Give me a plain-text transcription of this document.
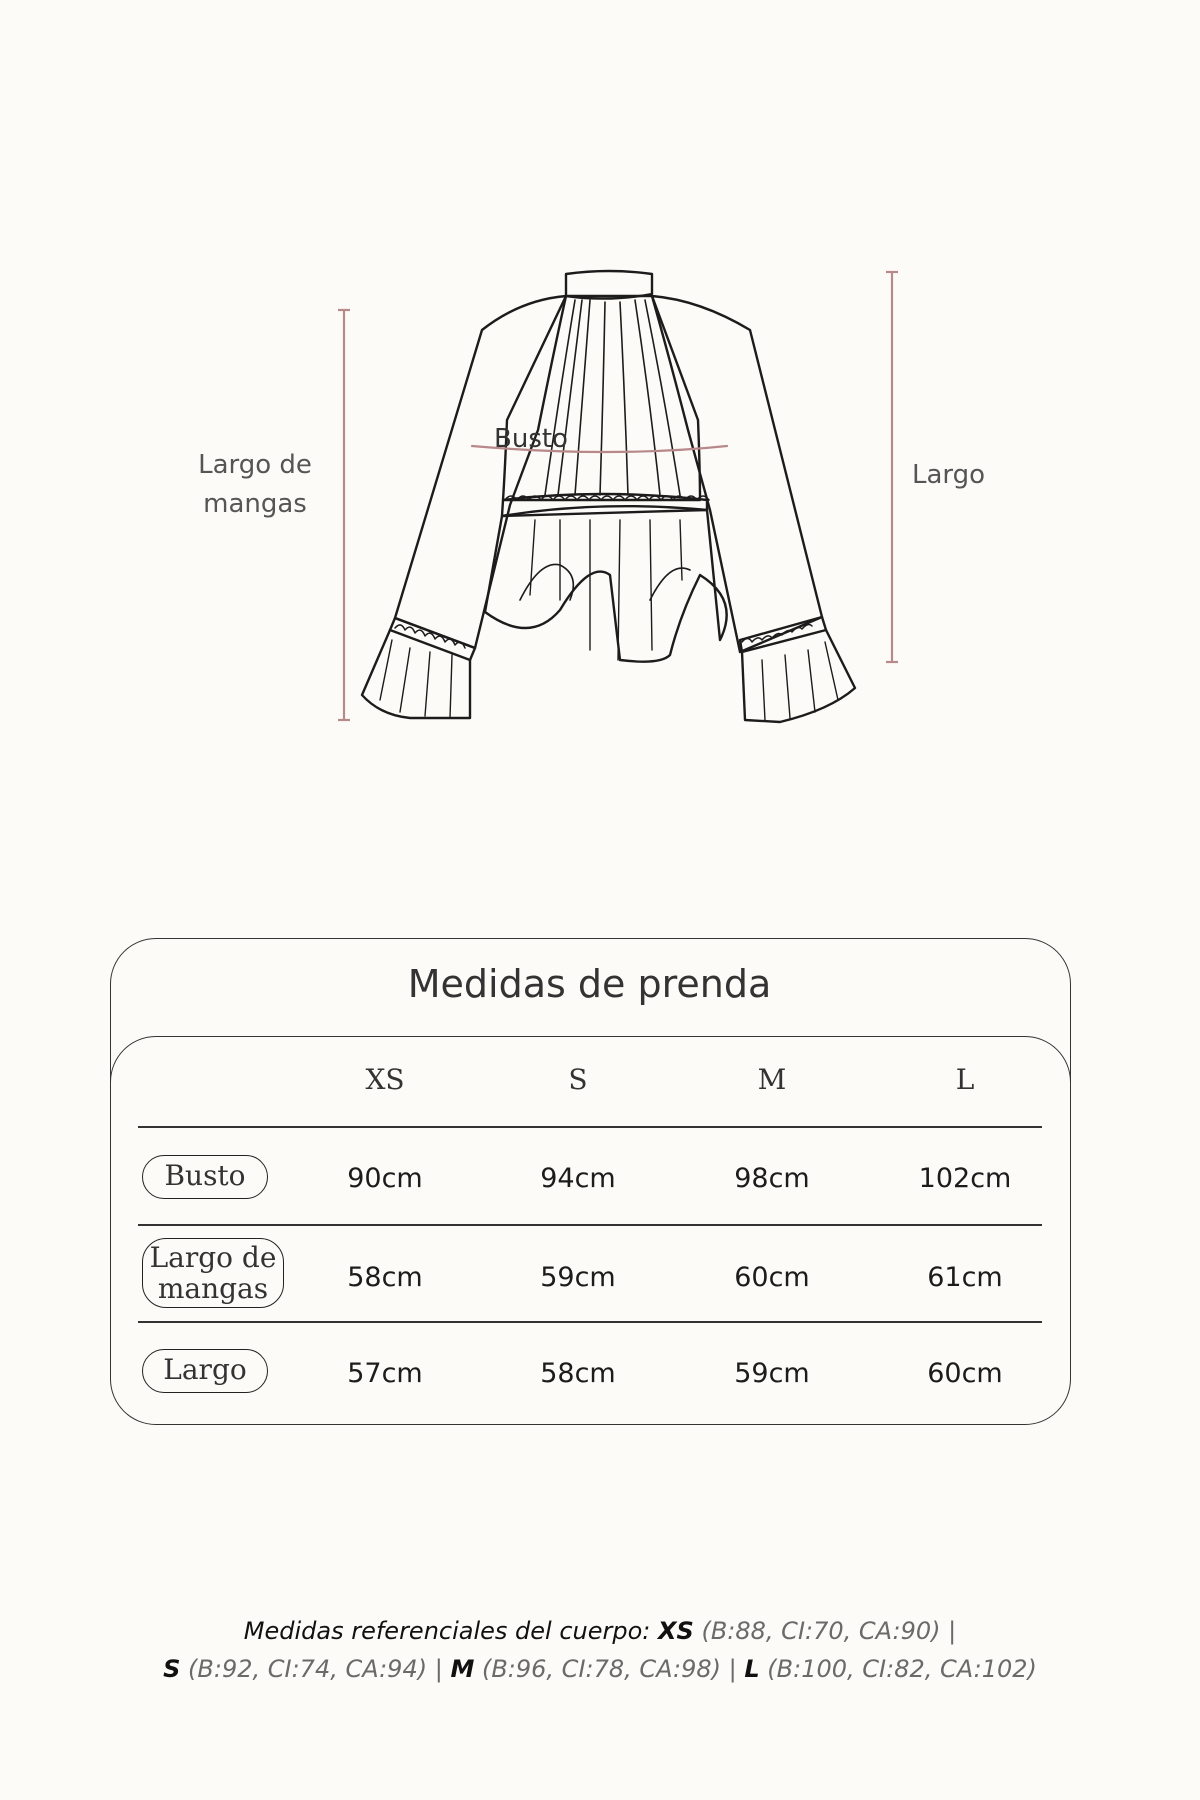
Largo de mangas
Largo
Busto
Medidas de prenda
XS	S	M	L
Busto	90cm	94cm	98cm	102cm
Largo de mangas	58cm	59cm	60cm	61cm
Largo	57cm	58cm	59cm	60cm
Medidas referenciales del cuerpo: XS (B:88, CI:70, CA:90) |
S (B:92, CI:74, CA:94) | M (B:96, CI:78, CA:98) | L (B:100, CI:82, CA:102)
